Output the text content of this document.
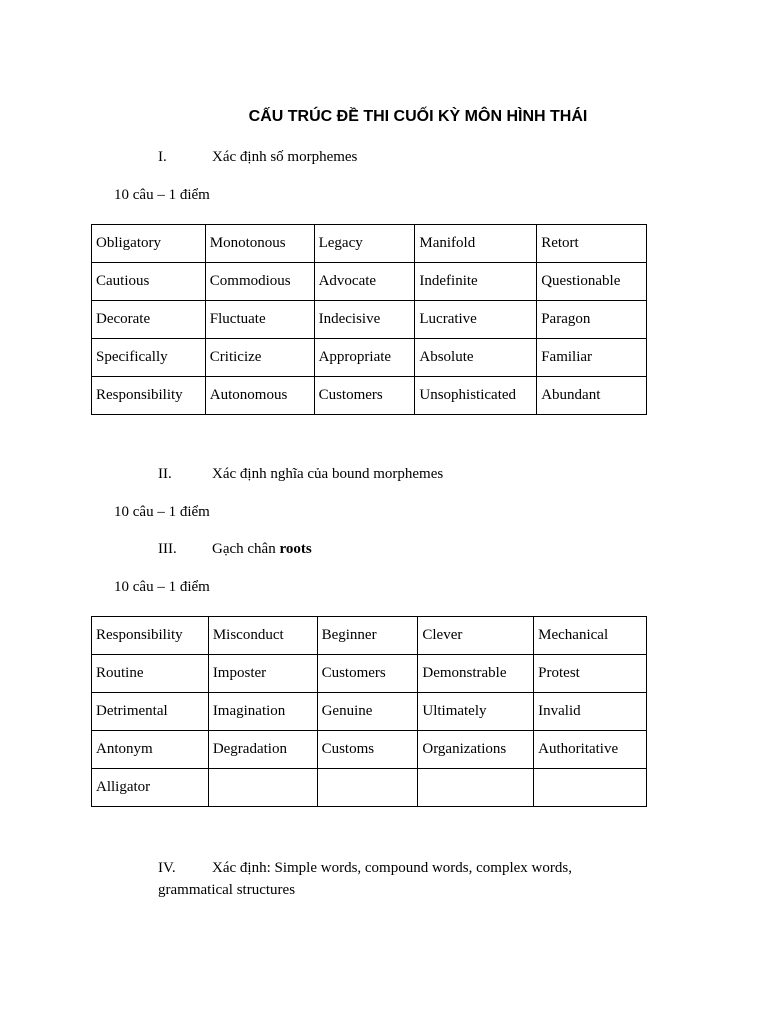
CẤU TRÚC ĐỀ THI CUỐI KỲ MÔN HÌNH THÁI
I.	Xác định số morphemes
10 câu – 1 điểm
Obligatory	Monotonous	Legacy	Manifold	Retort
Cautious	Commodious	Advocate	Indefinite	Questionable
Decorate	Fluctuate	Indecisive	Lucrative	Paragon
Specifically	Criticize	Appropriate	Absolute	Familiar
Responsibility	Autonomous	Customers	Unsophisticated	Abundant
II.	Xác định nghĩa của bound morphemes
10 câu – 1 điểm
III. Gạch chân roots
10 câu – 1 điểm
Responsibility	Misconduct	Beginner	Clever	Mechanical
Routine	Imposter	Customers	Demonstrable	Protest
Detrimental	Imagination	Genuine	Ultimately	Invalid
Antonym	Degradation	Customs	Organizations	Authoritative
Alligator				
IV. Xác định: Simple words, compound words, complex words, grammatical structures
